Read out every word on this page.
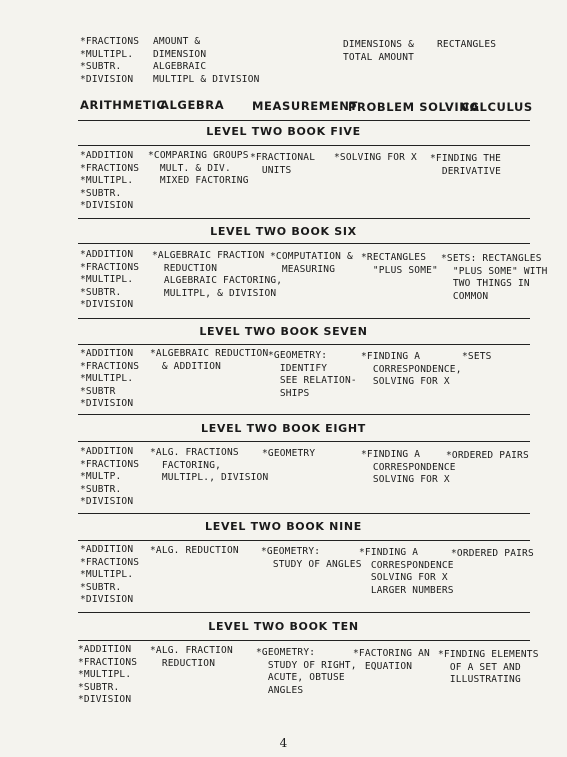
*FRACTIONS
*MULTIPL.
*SUBTR.
*DIVISION
AMOUNT &
DIMENSION
ALGEBRAIC
MULTIPL & DIVISION
DIMENSIONS &
TOTAL AMOUNT
RECTANGLES
ARITHMETIC
ALGEBRA MEASUREMENT
PROBLEM SOLVING
CALCULUS
LEVEL TWO BOOK FIVE
*ADDITION
*FRACTIONS
*MULTIPL.
*SUBTR.
*DIVISION
*COMPARING GROUPS
MULT. & DIV.
MIXED FACTORING
*FRACTIONAL
UNITS
*SOLVING FOR X *FINDING THE
DERIVATIVE
LEVEL TWO BOOK SIX
*ADDITION
*FRACTIONS
*MULTIPL.
*SUBTR.
*DIVISION
*ALGEBRAIC FRACTION
REDUCTION
ALGEBRAIC FACTORING,
MULITPL, & DIVISION
*COMPUTATION &
MEASURING
*RECTANGLES
"PLUS SOME"
*SETS: RECTANGLES
"PLUS SOME" WITH
TWO THINGS IN
COMMON
LEVEL TWO BOOK SEVEN
*ADDITION
*FRACTIONS
*MULTIPL.
*SUBTR
*DIVISION
*ALGEBRAIC REDUCTION
& ADDITION
*GEOMETRY:
IDENTIFY
SEE RELATION-
SHIPS
*FINDING A
CORRESPONDENCE,
SOLVING FOR X
*SETS
LEVEL TWO BOOK EIGHT
*ADDITION
*FRACTIONS
*MULTP.
*SUBTR.
*DIVISION
*ALG. FRACTIONS
FACTORING,
MULTIPL., DIVISION
*GEOMETRY	*FINDING A
CORRESPONDENCE
SOLVING FOR X
*ORDERED PAIRS
LEVEL TWO BOOK NINE
*ADDITION
*FRACTIONS
*MULTIPL.
*SUBTR.
*DIVISION
*ALG. REDUCTION *GEOMETRY:
STUDY OF ANGLES
*FINDING A
CORRESPONDENCE
SOLVING FOR X
LARGER NUMBERS
*ORDERED PAIRS
LEVEL TWO BOOK TEN
*ADDITION
*FRACTIONS
*MULTIPL.
*SUBTR.
*DIVISION
*ALG. FRACTION
REDUCTION
*GEOMETRY:
STUDY OF RIGHT,
ACUTE, OBTUSE
ANGLES
*FACTORING AN
EQUATION
*FINDING ELEMENTS
OF A SET AND
ILLUSTRATING
4
